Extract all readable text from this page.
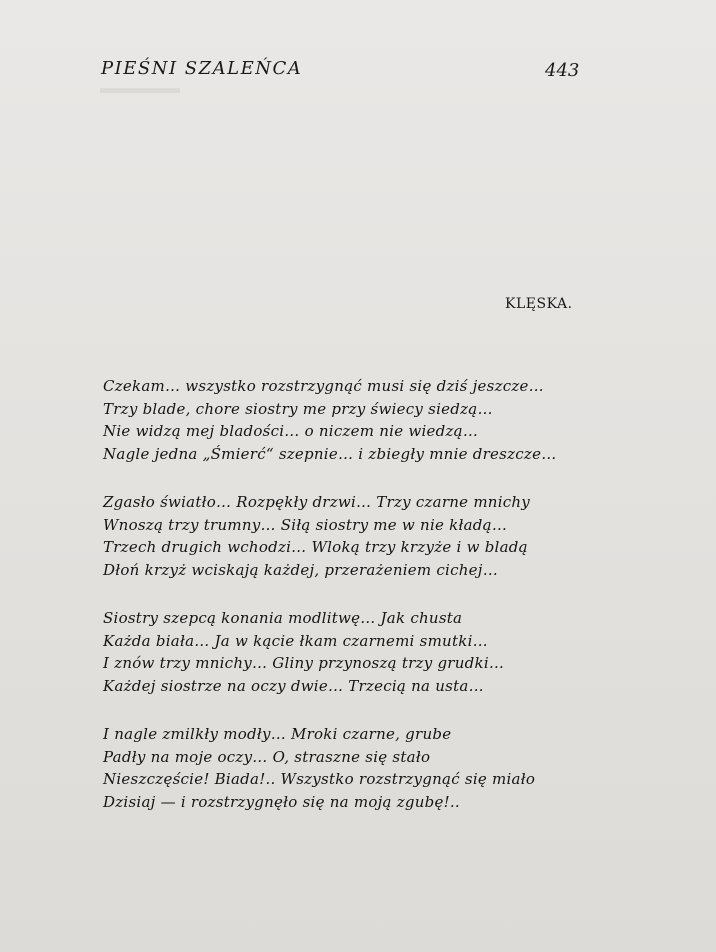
▬▬▬▬▬
PIEŚNI SZALEŃCA	443
KLĘSKA.
Czekam… wszystko rozstrzygnąć musi się dziś jeszcze…
Trzy blade, chore siostry me przy świecy siedzą…
Nie widzą mej bladości… o niczem nie wiedzą…
Nagle jedna „Śmierć“ szepnie… i zbiegły mnie dreszcze…
Zgasło światło… Rozpękły drzwi… Trzy czarne mnichy
Wnoszą trzy trumny… Siłą siostry me w nie kładą…
Trzech drugich wchodzi… Wloką trzy krzyże i w bladą
Dłoń krzyż wciskają każdej, przerażeniem cichej…
Siostry szepcą konania modlitwę… Jak chusta
Każda biała… Ja w kącie łkam czarnemi smutki…
I znów trzy mnichy… Gliny przynoszą trzy grudki…
Każdej siostrze na oczy dwie… Trzecią na usta…
I nagle zmilkły modły… Mroki czarne, grube
Padły na moje oczy… O, straszne się stało
Nieszczęście! Biada!.. Wszystko rozstrzygnąć się miało
Dzisiaj — i rozstrzygnęło się na moją zgubę!..
